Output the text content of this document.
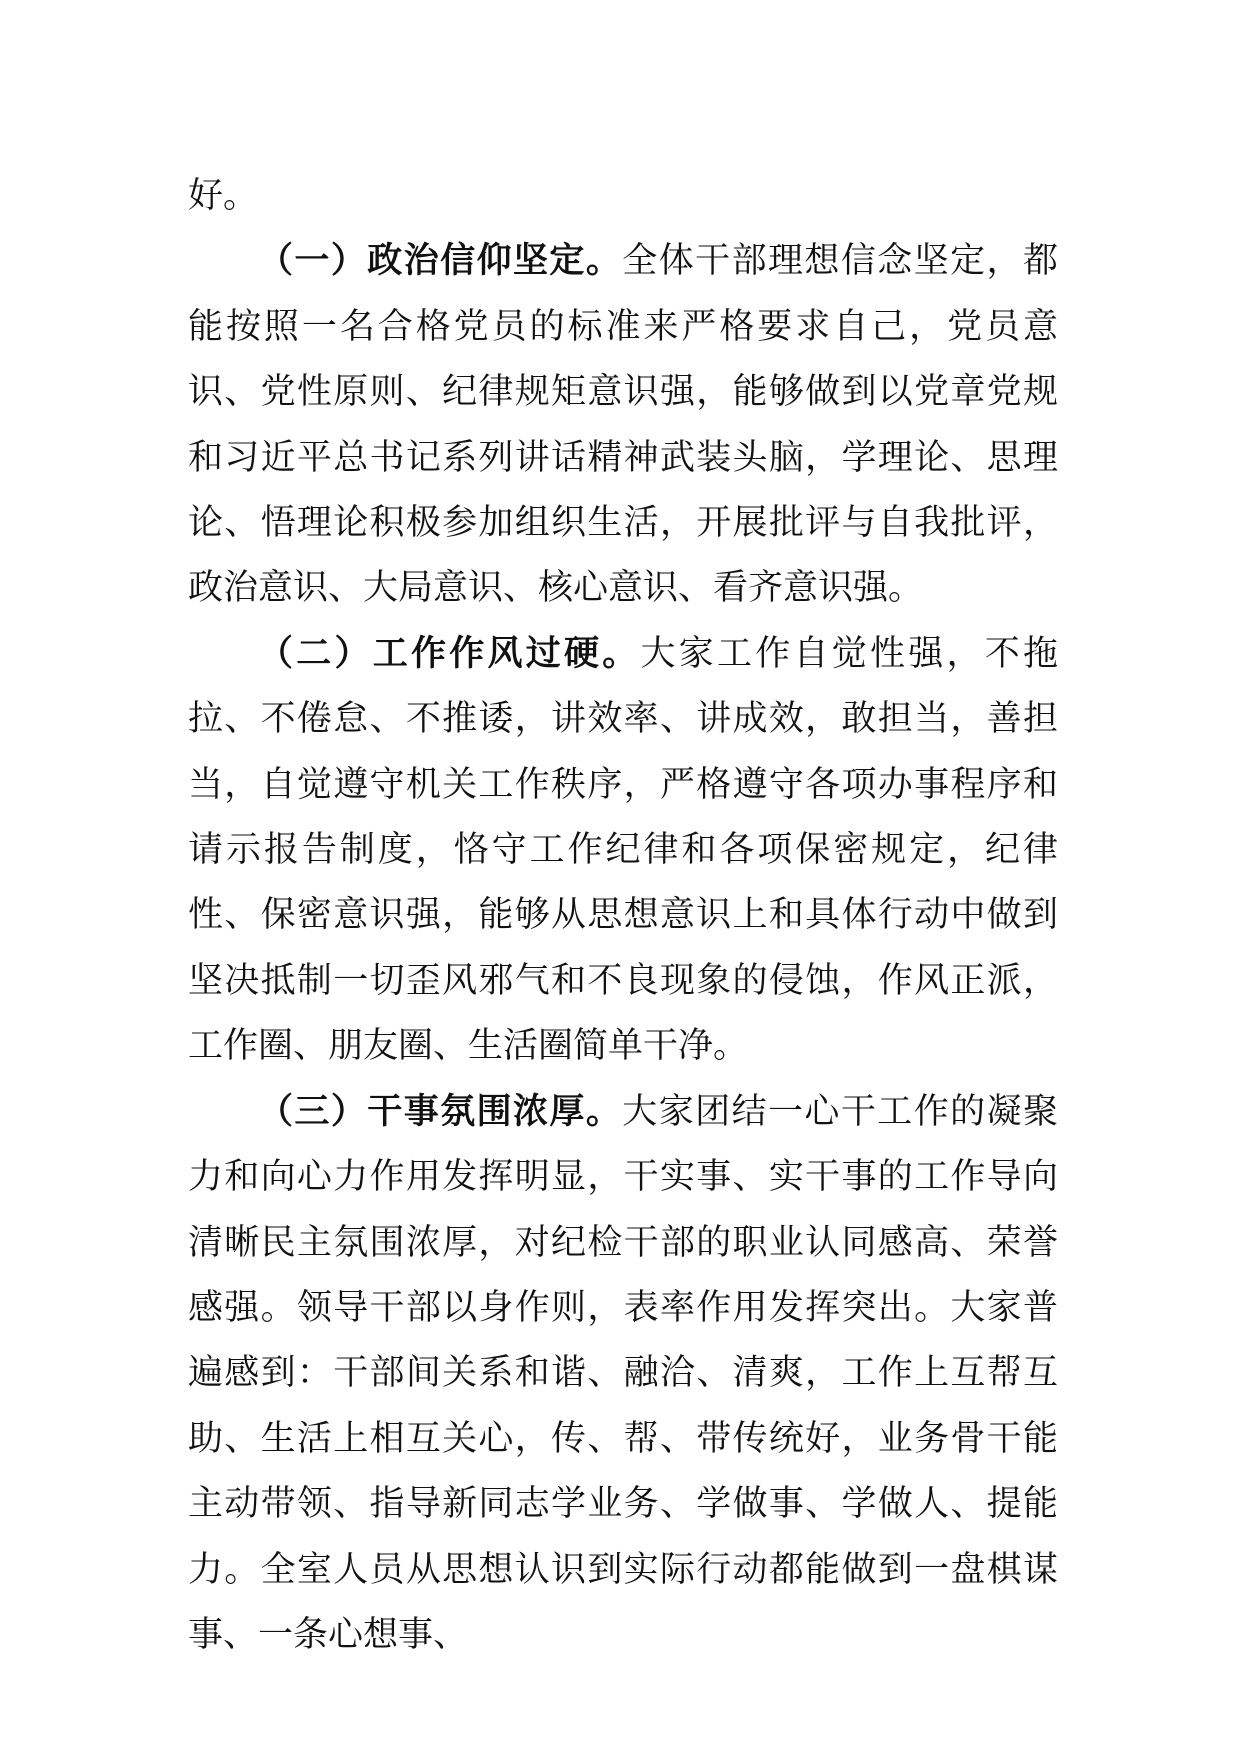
好。

（一）政治信仰坚定。全体干部理想信念坚定，都能按照一名合格党员的标准来严格要求自己，党员意识、党性原则、纪律规矩意识强，能够做到以党章党规和习近平总书记系列讲话精神武装头脑，学理论、思理论、悟理论积极参加组织生活，开展批评与自我批评，政治意识、大局意识、核心意识、看齐意识强。

（二）工作作风过硬。大家工作自觉性强，不拖拉、不倦怠、不推诿，讲效率、讲成效，敢担当，善担当，自觉遵守机关工作秩序，严格遵守各项办事程序和请示报告制度，恪守工作纪律和各项保密规定，纪律性、保密意识强，能够从思想意识上和具体行动中做到坚决抵制一切歪风邪气和不良现象的侵蚀，作风正派，工作圈、朋友圈、生活圈简单干净。

（三）干事氛围浓厚。大家团结一心干工作的凝聚力和向心力作用发挥明显，干实事、实干事的工作导向清晰民主氛围浓厚，对纪检干部的职业认同感高、荣誉感强。领导干部以身作则，表率作用发挥突出。大家普遍感到：干部间关系和谐、融洽、清爽，工作上互帮互助、生活上相互关心，传、帮、带传统好，业务骨干能主动带领、指导新同志学业务、学做事、学做人、提能力。全室人员从思想认识到实际行动都能做到一盘棋谋事、一条心想事、
